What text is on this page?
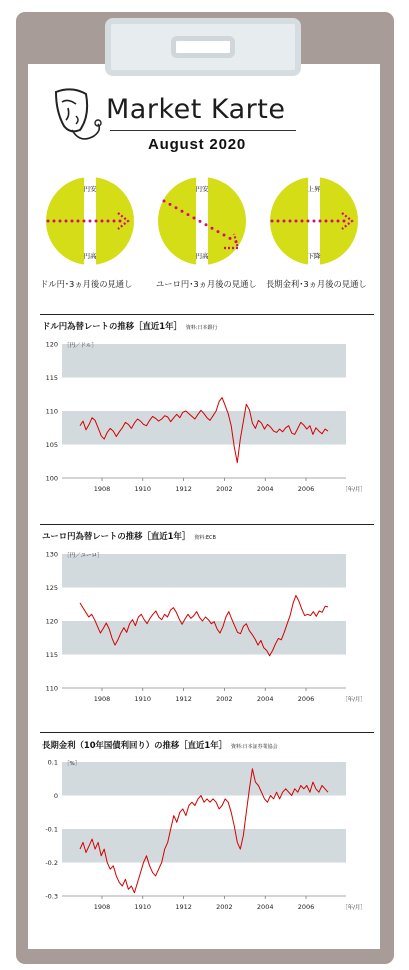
Market Karte
August 2020
円安
円高
ドル円･3ヵ月後の見通し
円安
円高
ユーロ円･3ヵ月後の見通し
上昇
下降
長期金利･3ヵ月後の見通し
ドル円為替レートの推移［直近1年］ 資料:日本銀行
100
105
110
115
120 ［円／ドル］
1908	1910	1912	2002	2004	2006	［年/月］
ユーロ円為替レートの推移［直近1年］ 資料:ECB
110
115
120
125
130 ［円／ユーロ］
1908	1910	1912	2002	2004	2006	［年/月］
長期金利（10年国債利回り）の推移［直近1年］ 資料:日本証券業協会
-0.3
-0.2
-0.1
0
0.1 ［%］
1908	1910	1912	2002	2004	2006	［年/月］
